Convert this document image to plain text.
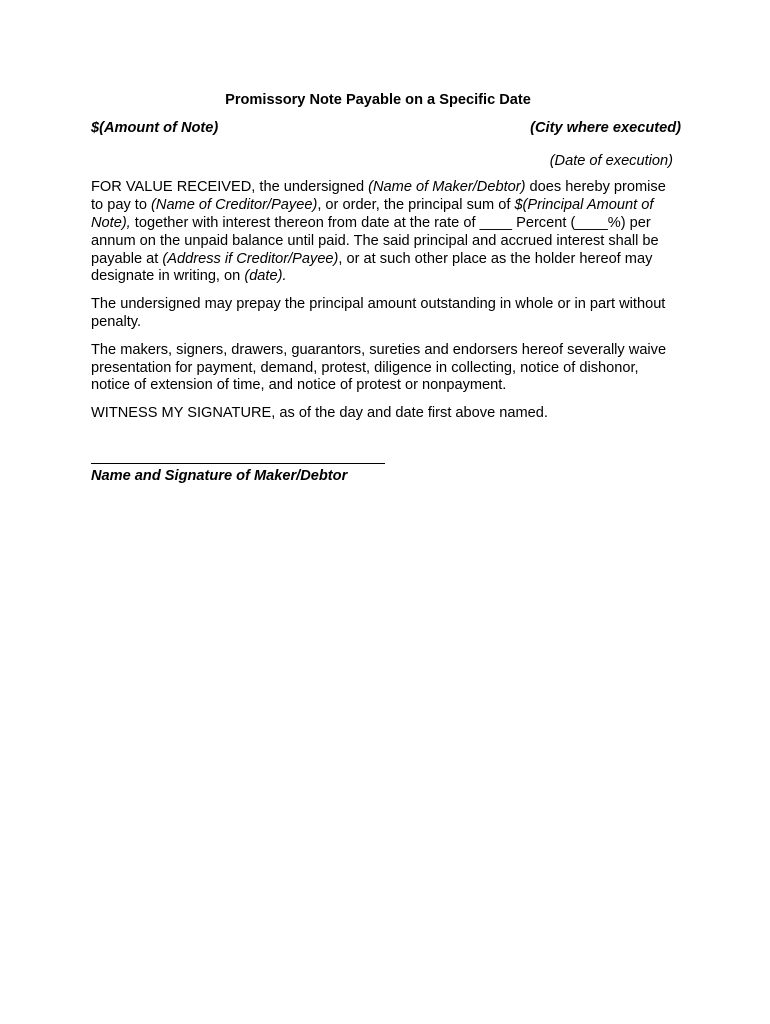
Promissory Note Payable on a Specific Date
$(Amount of Note)	(City where executed)
(Date of execution)

FOR VALUE RECEIVED, the undersigned (Name of Maker/Debtor) does hereby promise to pay to (Name of Creditor/Payee), or order, the principal sum of $(Principal Amount of Note), together with interest thereon from date at the rate of ____ Percent (____%) per annum on the unpaid balance until paid. The said principal and accrued interest shall be payable at (Address if Creditor/Payee), or at such other place as the holder hereof may designate in writing, on (date).

The undersigned may prepay the principal amount outstanding in whole or in part without penalty.

The makers, signers, drawers, guarantors, sureties and endorsers hereof severally waive presentation for payment, demand, protest, diligence in collecting, notice of dishonor, notice of extension of time, and notice of protest or nonpayment.

WITNESS MY SIGNATURE, as of the day and date first above named.

Name and Signature of Maker/Debtor
